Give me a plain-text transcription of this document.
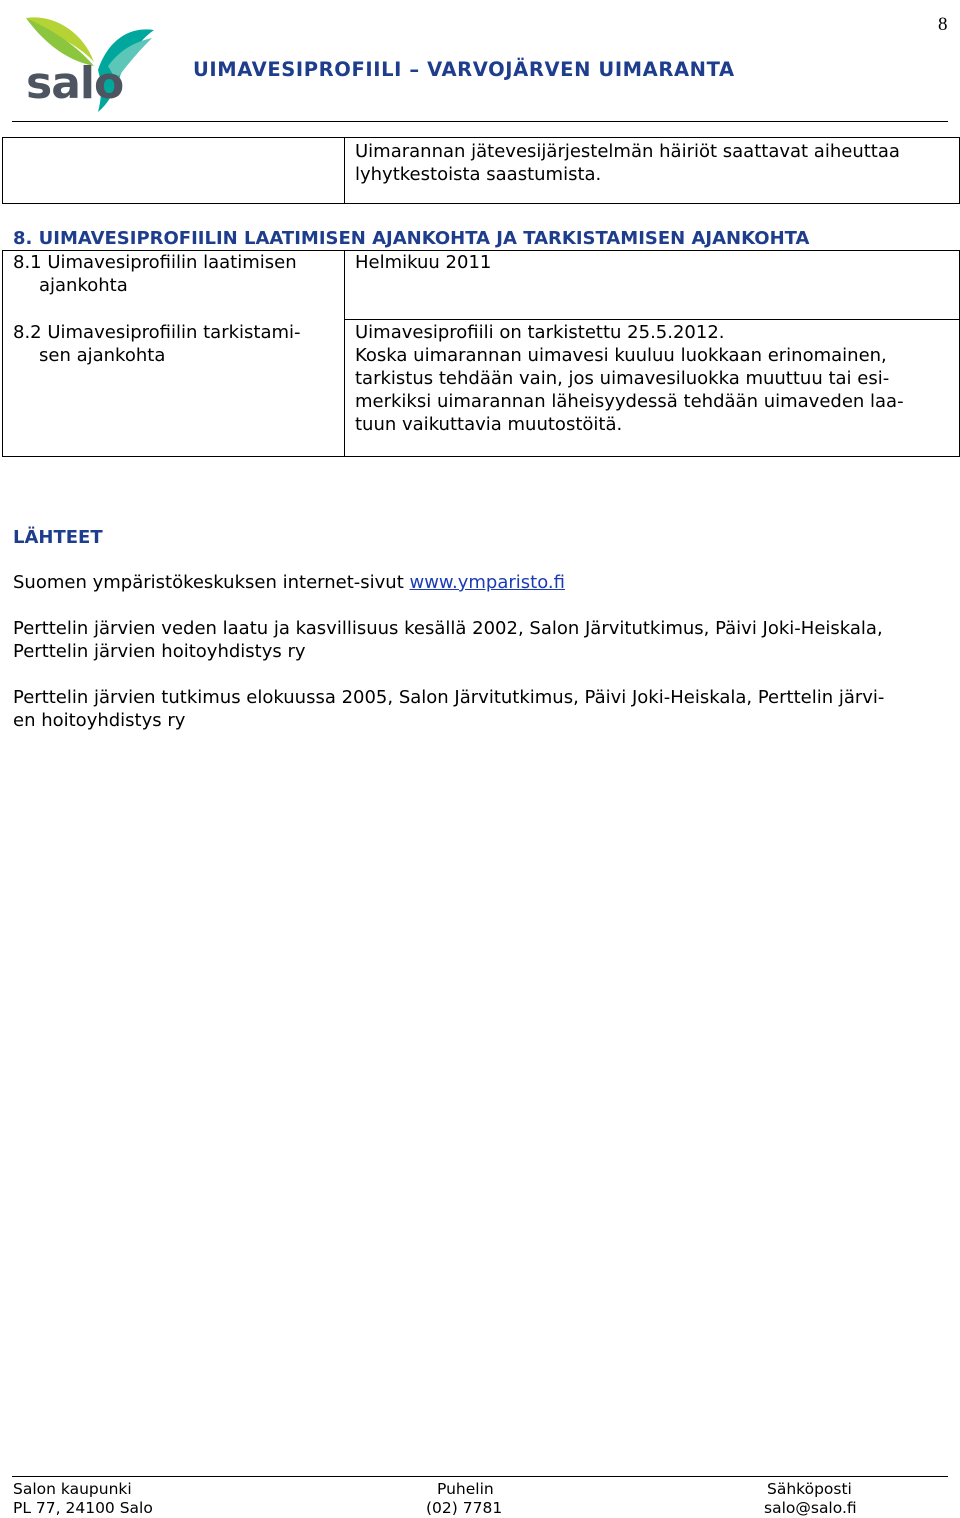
salo	UIMAVESIPROFIILI – VARVOJÄRVEN UIMARANTA
8
Uimarannan jätevesijärjestelmän häiriöt saattavat aiheuttaa
lyhytkestoista saastumista.
8. UIMAVESIPROFIILIN LAATIMISEN AJANKOHTA JA TARKISTAMISEN AJANKOHTA
8.1 Uimavesiprofiilin laatimisen
ajankohta
Helmikuu 2011
8.2 Uimavesiprofiilin tarkistami-
sen ajankohta
Uimavesiprofiili on tarkistettu 25.5.2012.
Koska uimarannan uimavesi kuuluu luokkaan erinomainen,
tarkistus tehdään vain, jos uimavesiluokka muuttuu tai esi-
merkiksi uimarannan läheisyydessä tehdään uimaveden laa-
tuun vaikuttavia muutostöitä.
LÄHTEET
Suomen ympäristökeskuksen internet-sivut www.ymparisto.fi
Perttelin järvien veden laatu ja kasvillisuus kesällä 2002, Salon Järvitutkimus, Päivi Joki-Heiskala,
Perttelin järvien hoitoyhdistys ry
Perttelin järvien tutkimus elokuussa 2005, Salon Järvitutkimus, Päivi Joki-Heiskala, Perttelin järvi-
en hoitoyhdistys ry
Salon kaupunki
PL 77, 24100 Salo
Puhelin
(02) 7781
Sähköposti
salo@salo.fi
